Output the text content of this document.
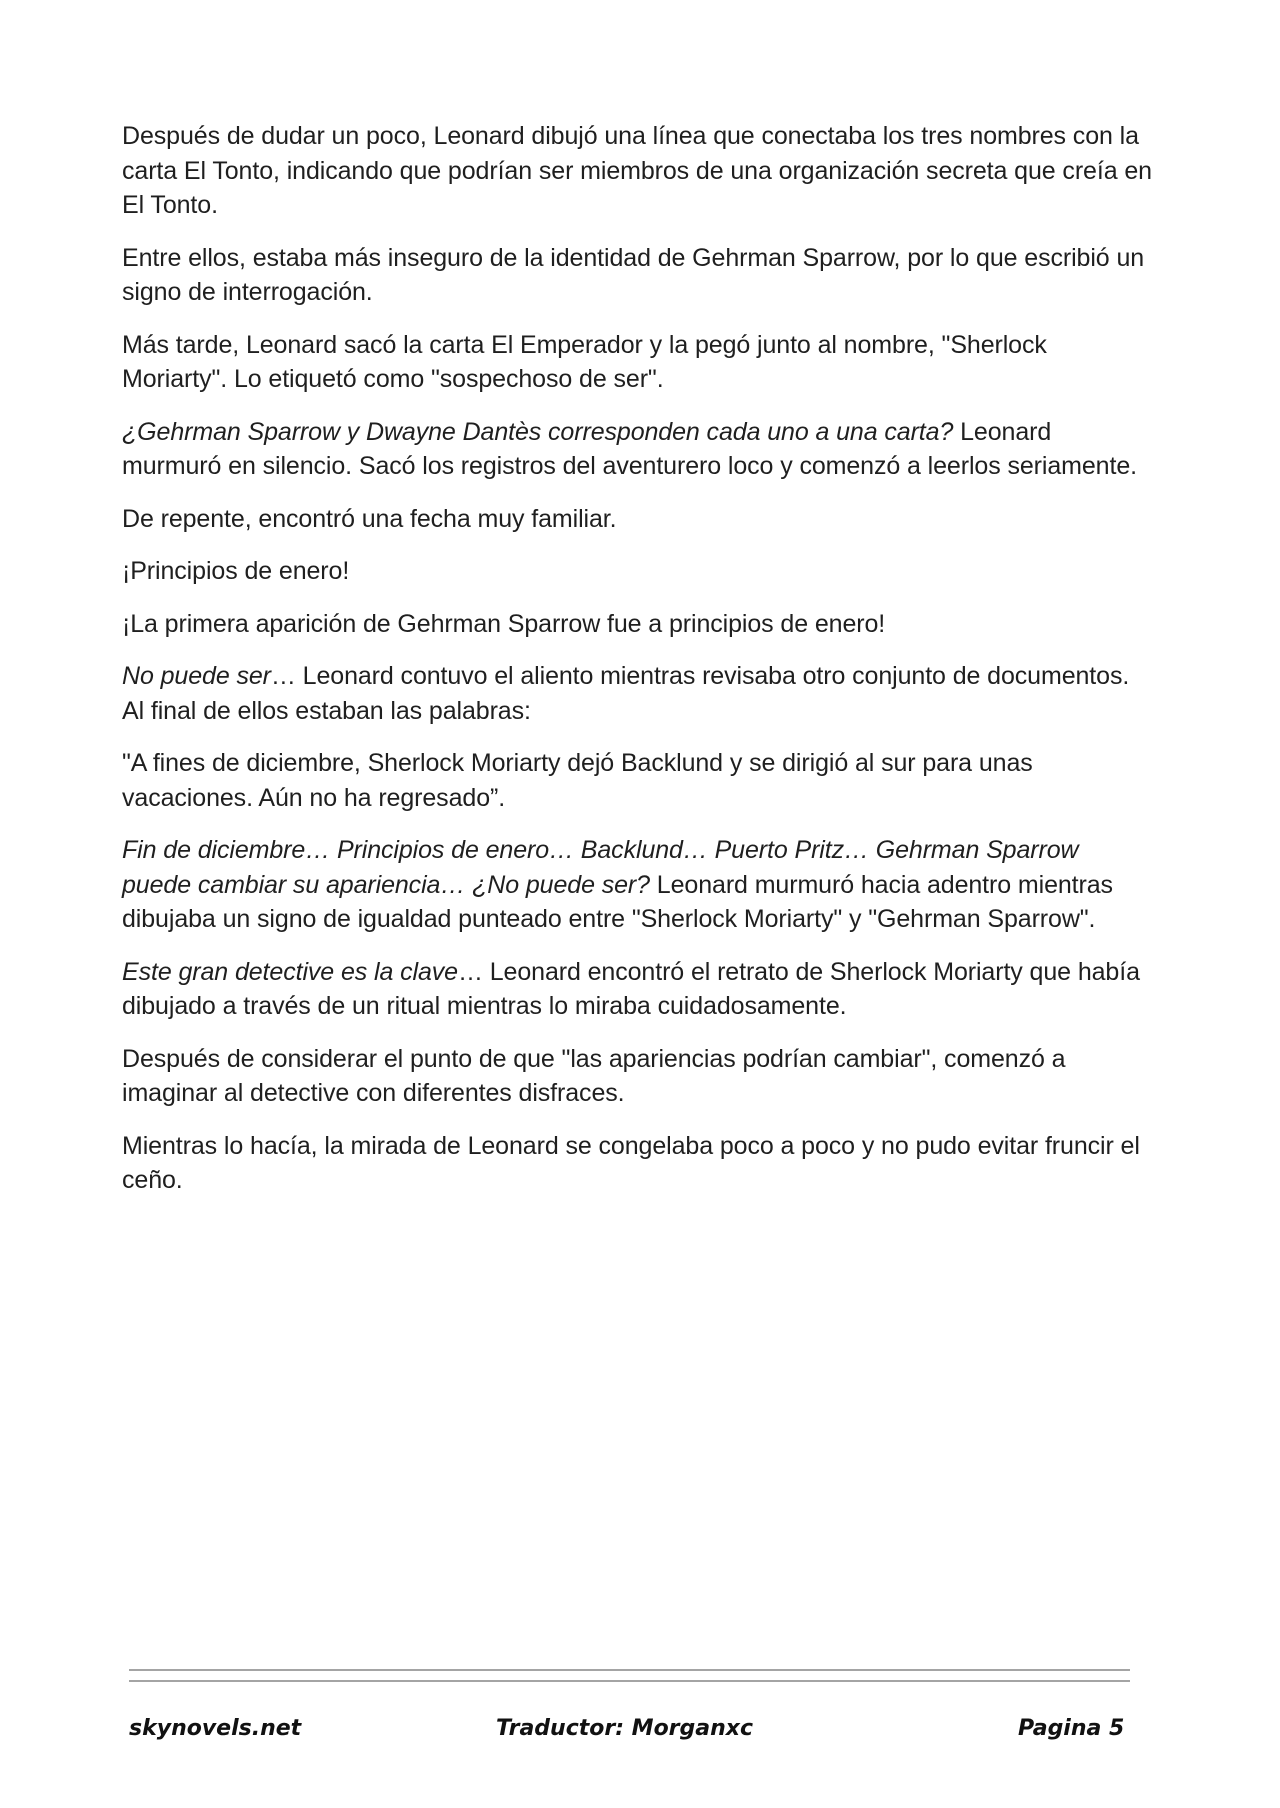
Después de dudar un poco, Leonard dibujó una línea que conectaba los tres nombres con la carta El Tonto, indicando que podrían ser miembros de una organización secreta que creía en El Tonto.

Entre ellos, estaba más inseguro de la identidad de Gehrman Sparrow, por lo que escribió un signo de interrogación.

Más tarde, Leonard sacó la carta El Emperador y la pegó junto al nombre, "Sherlock Moriarty". Lo etiquetó como "sospechoso de ser".

¿Gehrman Sparrow y Dwayne Dantès corresponden cada uno a una carta? Leonard murmuró en silencio. Sacó los registros del aventurero loco y comenzó a leerlos seriamente.

De repente, encontró una fecha muy familiar.

¡Principios de enero!

¡La primera aparición de Gehrman Sparrow fue a principios de enero!

No puede ser… Leonard contuvo el aliento mientras revisaba otro conjunto de documentos. Al final de ellos estaban las palabras:

"A fines de diciembre, Sherlock Moriarty dejó Backlund y se dirigió al sur para unas vacaciones. Aún no ha regresado”.

Fin de diciembre… Principios de enero… Backlund… Puerto Pritz… Gehrman Sparrow puede cambiar su apariencia… ¿No puede ser? Leonard murmuró hacia adentro mientras dibujaba un signo de igualdad punteado entre "Sherlock Moriarty" y "Gehrman Sparrow".

Este gran detective es la clave… Leonard encontró el retrato de Sherlock Moriarty que había dibujado a través de un ritual mientras lo miraba cuidadosamente.

Después de considerar el punto de que "las apariencias podrían cambiar", comenzó a imaginar al detective con diferentes disfraces.

Mientras lo hacía, la mirada de Leonard se congelaba poco a poco y no pudo evitar fruncir el ceño.

skynovels.net	Traductor: Morganxc	Pagina 5
